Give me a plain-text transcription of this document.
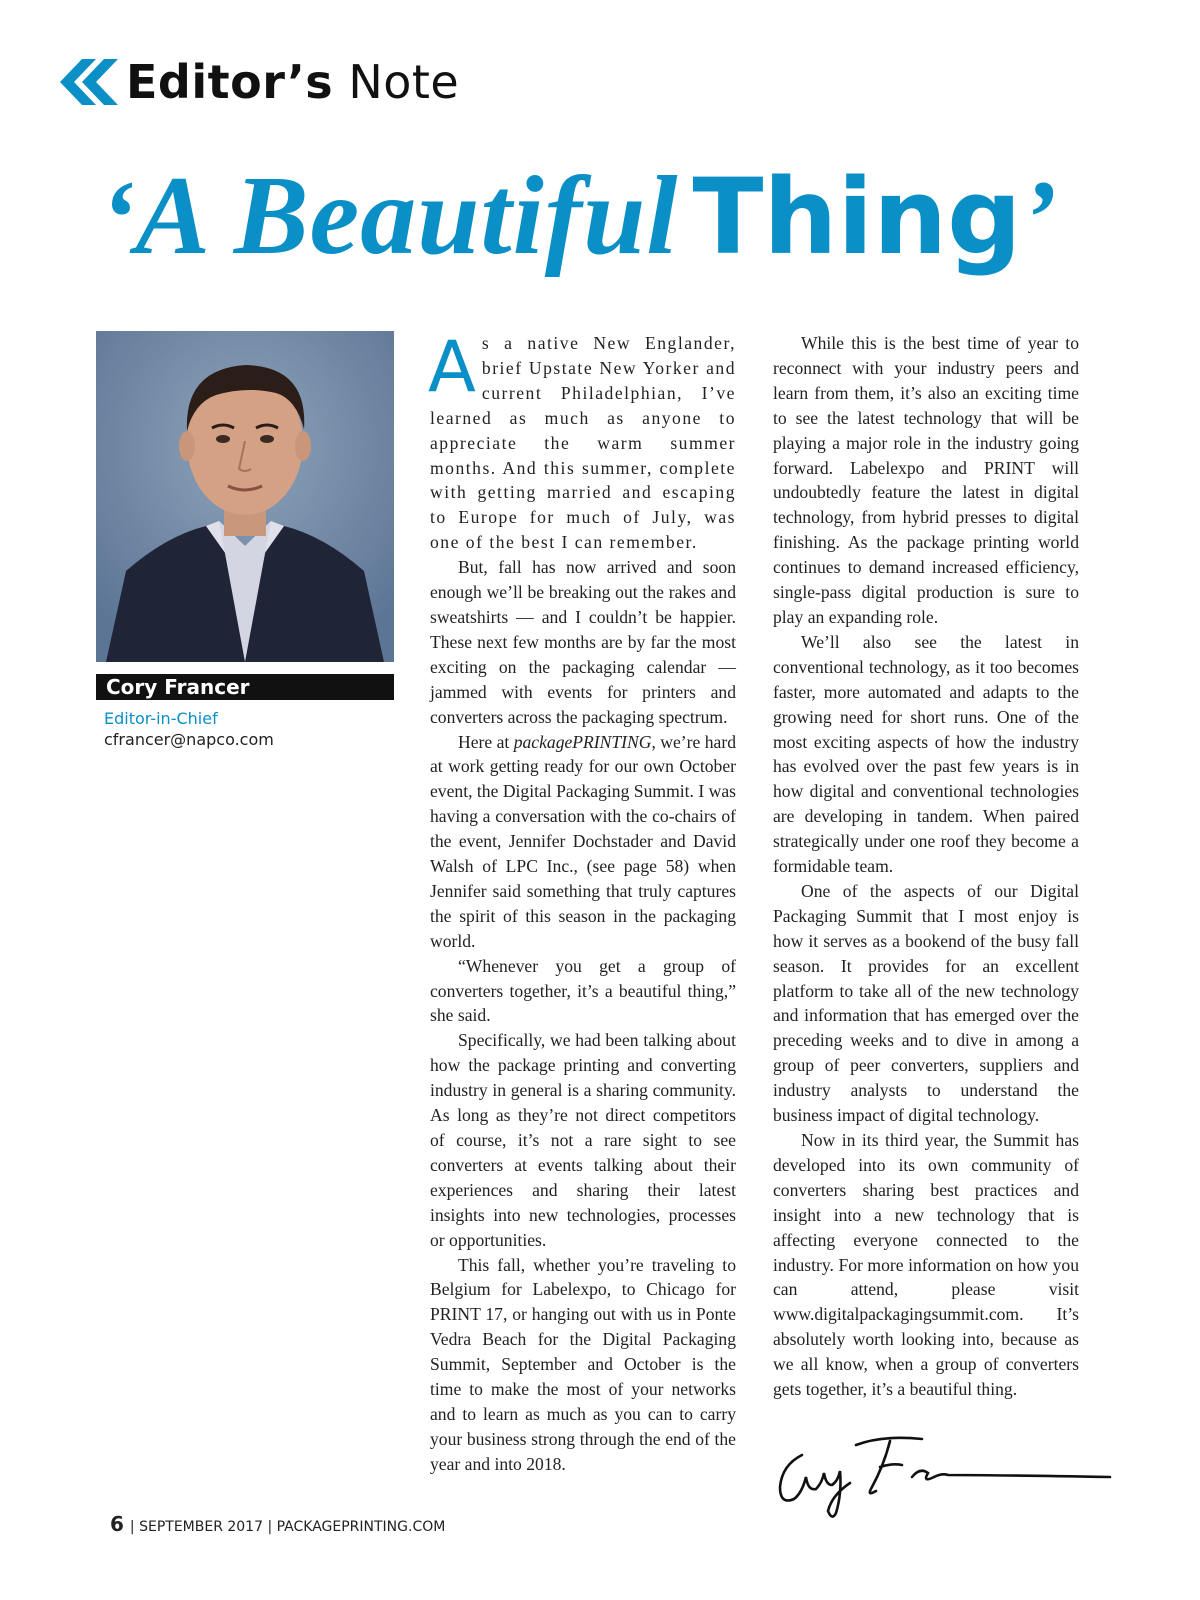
Editor’s Note
‘A Beautiful Thing’
Cory Francer
Editor-in-Chief
cfrancer@napco.com

As a native New Englander, brief Upstate New Yorker and current Philadelphian, I’ve learned as much as anyone to appreciate the warm summer months. And this summer, complete with getting married and escaping to Europe for much of July, was one of the best I can remember.

But, fall has now arrived and soon enough we’ll be breaking out the rakes and sweatshirts — and I couldn’t be happier. These next few months are by far the most exciting on the packaging calendar — jammed with events for printers and converters across the packaging spectrum.

Here at packagePRINTING, we’re hard at work getting ready for our own October event, the Digital Packaging Summit. I was having a conversation with the co-chairs of the event, Jennifer Dochstader and David Walsh of LPC Inc., (see page 58) when Jennifer said something that truly captures the spirit of this season in the packaging world.

“Whenever you get a group of converters together, it’s a beautiful thing,” she said.

Specifically, we had been talking about how the package printing and converting industry in general is a sharing community. As long as they’re not direct competitors of course, it’s not a rare sight to see converters at events talking about their experiences and sharing their latest insights into new technologies, processes or opportunities.

This fall, whether you’re traveling to Belgium for Labelexpo, to Chicago for PRINT 17, or hanging out with us in Ponte Vedra Beach for the Digital Packaging Summit, September and October is the time to make the most of your networks and to learn as much as you can to carry your business strong through the end of the year and into 2018.

While this is the best time of year to reconnect with your industry peers and learn from them, it’s also an exciting time to see the latest technology that will be playing a major role in the industry going forward. Labelexpo and PRINT will undoubtedly feature the latest in digital technology, from hybrid presses to digital finishing. As the package printing world continues to demand increased efficiency, single-pass digital production is sure to play an expanding role.

We’ll also see the latest in conventional technology, as it too becomes faster, more automated and adapts to the growing need for short runs. One of the most exciting aspects of how the industry has evolved over the past few years is in how digital and conventional technologies are developing in tandem. When paired strategically under one roof they become a formidable team.

One of the aspects of our Digital Packaging Summit that I most enjoy is how it serves as a bookend of the busy fall season. It provides for an excellent platform to take all of the new technology and information that has emerged over the preceding weeks and to dive in among a group of peer converters, suppliers and industry analysts to understand the business impact of digital technology.

Now in its third year, the Summit has developed into its own community of converters sharing best practices and insight into a new technology that is affecting everyone connected to the industry. For more information on how you can attend, please visit www.digitalpackagingsummit.com. It’s absolutely worth looking into, because as we all know, when a group of converters gets together, it’s a beautiful thing.

6 | SEPTEMBER 2017 | PACKAGEPRINTING.COM
